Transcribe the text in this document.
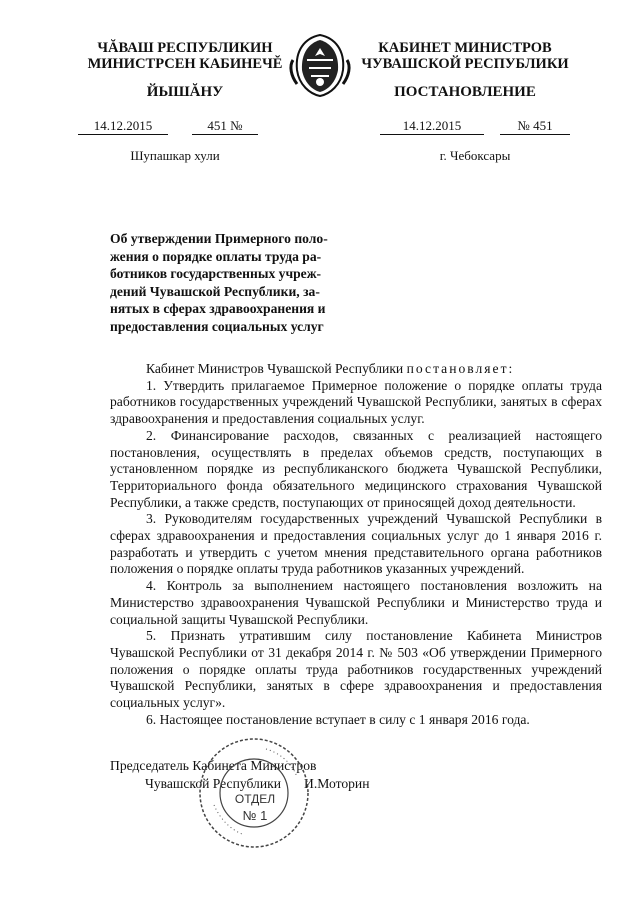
ЧĂВАШ РЕСПУБЛИКИН
МИНИСТРСЕН КАБИНЕЧĔ
ЙЫШĂНУ
14.12.2015	451 №
Шупашкар хули
КАБИНЕТ МИНИСТРОВ
ЧУВАШСКОЙ РЕСПУБЛИКИ
ПОСТАНОВЛЕНИЕ
14.12.2015	№ 451
г. Чебоксары
Об утверждении Примерного поло-
жения о порядке оплаты труда ра-
ботников государственных учреж-
дений Чувашской Республики, за-
нятых в сферах здравоохранения и
предоставления социальных услуг

Кабинет Министров Чувашской Республики постановляет:

1. Утвердить прилагаемое Примерное положение о порядке оплаты труда работников государственных учреждений Чувашской Республики, занятых в сферах здравоохранения и предоставления социальных услуг.

2. Финансирование расходов, связанных с реализацией настоящего постановления, осуществлять в пределах объемов средств, поступающих в установленном порядке из республиканского бюджета Чувашской Республики, Территориального фонда обязательного медицинского страхования Чувашской Республики, а также средств, поступающих от приносящей доход деятельности.

3. Руководителям государственных учреждений Чувашской Республики в сферах здравоохранения и предоставления социальных услуг до 1 января 2016 г. разработать и утвердить с учетом мнения представительного органа работников положения о порядке оплаты труда работников указанных учреждений.

4. Контроль за выполнением настоящего постановления возложить на Министерство здравоохранения Чувашской Республики и Министерство труда и социальной защиты Чувашской Республики.

5. Признать утратившим силу постановление Кабинета Министров Чувашской Республики от 31 декабря 2014 г. № 503 «Об утверждении Примерного положения о порядке оплаты труда работников государственных учреждений Чувашской Республики, занятых в сфере здравоохранения и предоставления социальных услуг».

6. Настоящее постановление вступает в силу с 1 января 2016 года.

Председатель Кабинета Министров
Чувашской Республики И.Моторин
ОТДЕЛ
№ 1
